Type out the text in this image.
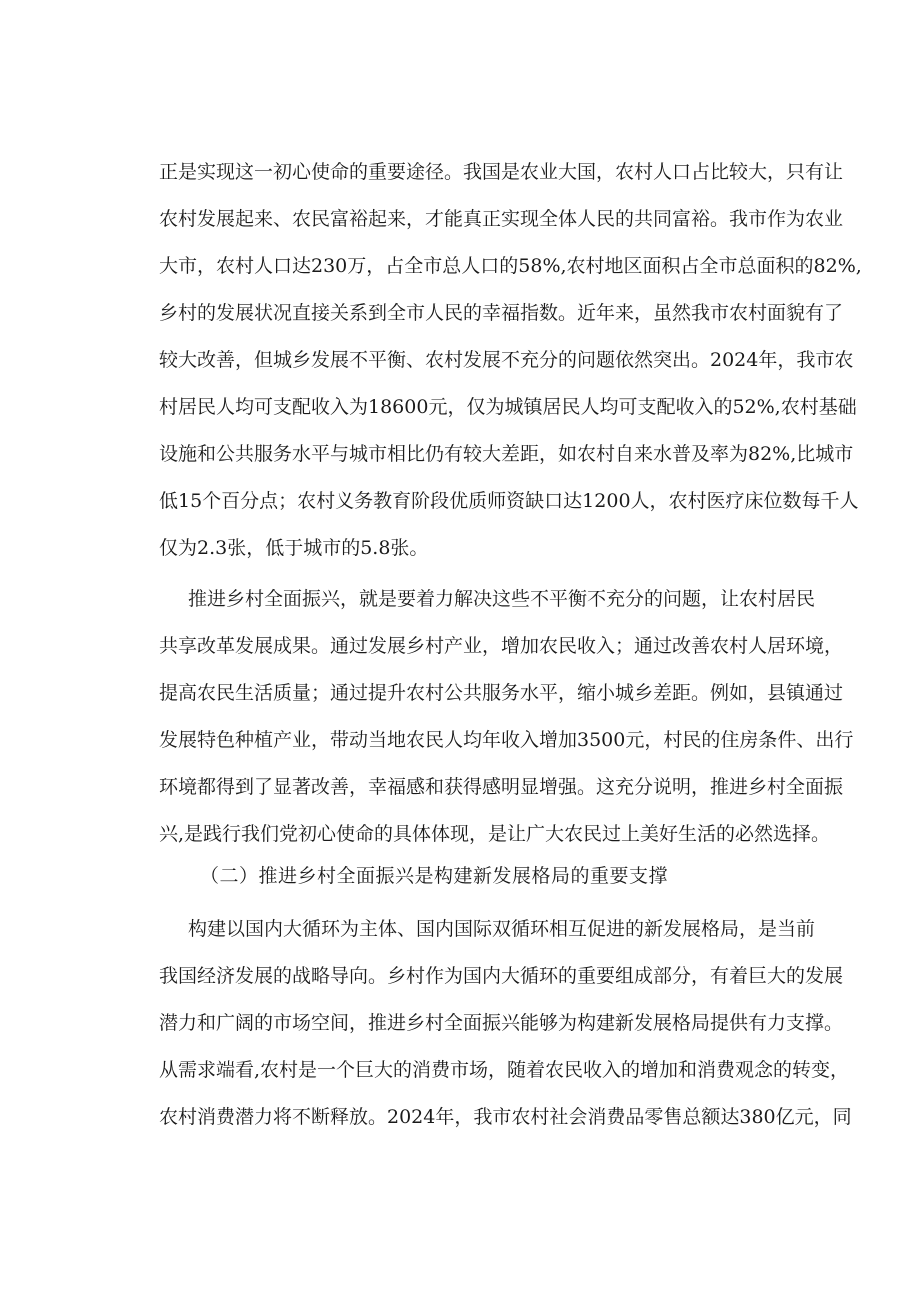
正是实现这一初心使命的重要途径。我国是农业大国，农村人口占比较大，只有让
农村发展起来、农民富裕起来，才能真正实现全体人民的共同富裕。我市作为农业
大市，农村人口达230万，占全市总人口的58%,农村地区面积占全市总面积的82%,
乡村的发展状况直接关系到全市人民的幸福指数。近年来，虽然我市农村面貌有了
较大改善，但城乡发展不平衡、农村发展不充分的问题依然突出。2024年，我市农
村居民人均可支配收入为18600元，仅为城镇居民人均可支配收入的52%,农村基础
设施和公共服务水平与城市相比仍有较大差距，如农村自来水普及率为82%,比城市
低15个百分点；农村义务教育阶段优质师资缺口达1200人，农村医疗床位数每千人
仅为2.3张，低于城市的5.8张。
推进乡村全面振兴，就是要着力解决这些不平衡不充分的问题，让农村居民
共享改革发展成果。通过发展乡村产业，增加农民收入；通过改善农村人居环境，
提高农民生活质量；通过提升农村公共服务水平，缩小城乡差距。例如，县镇通过
发展特色种植产业，带动当地农民人均年收入增加3500元，村民的住房条件、出行
环境都得到了显著改善，幸福感和获得感明显增强。这充分说明，推进乡村全面振
兴,是践行我们党初心使命的具体体现，是让广大农民过上美好生活的必然选择。
（二）推进乡村全面振兴是构建新发展格局的重要支撑
构建以国内大循环为主体、国内国际双循环相互促进的新发展格局，是当前
我国经济发展的战略导向。乡村作为国内大循环的重要组成部分，有着巨大的发展
潜力和广阔的市场空间，推进乡村全面振兴能够为构建新发展格局提供有力支撑。
从需求端看,农村是一个巨大的消费市场，随着农民收入的增加和消费观念的转变，
农村消费潜力将不断释放。2024年，我市农村社会消费品零售总额达380亿元，同
